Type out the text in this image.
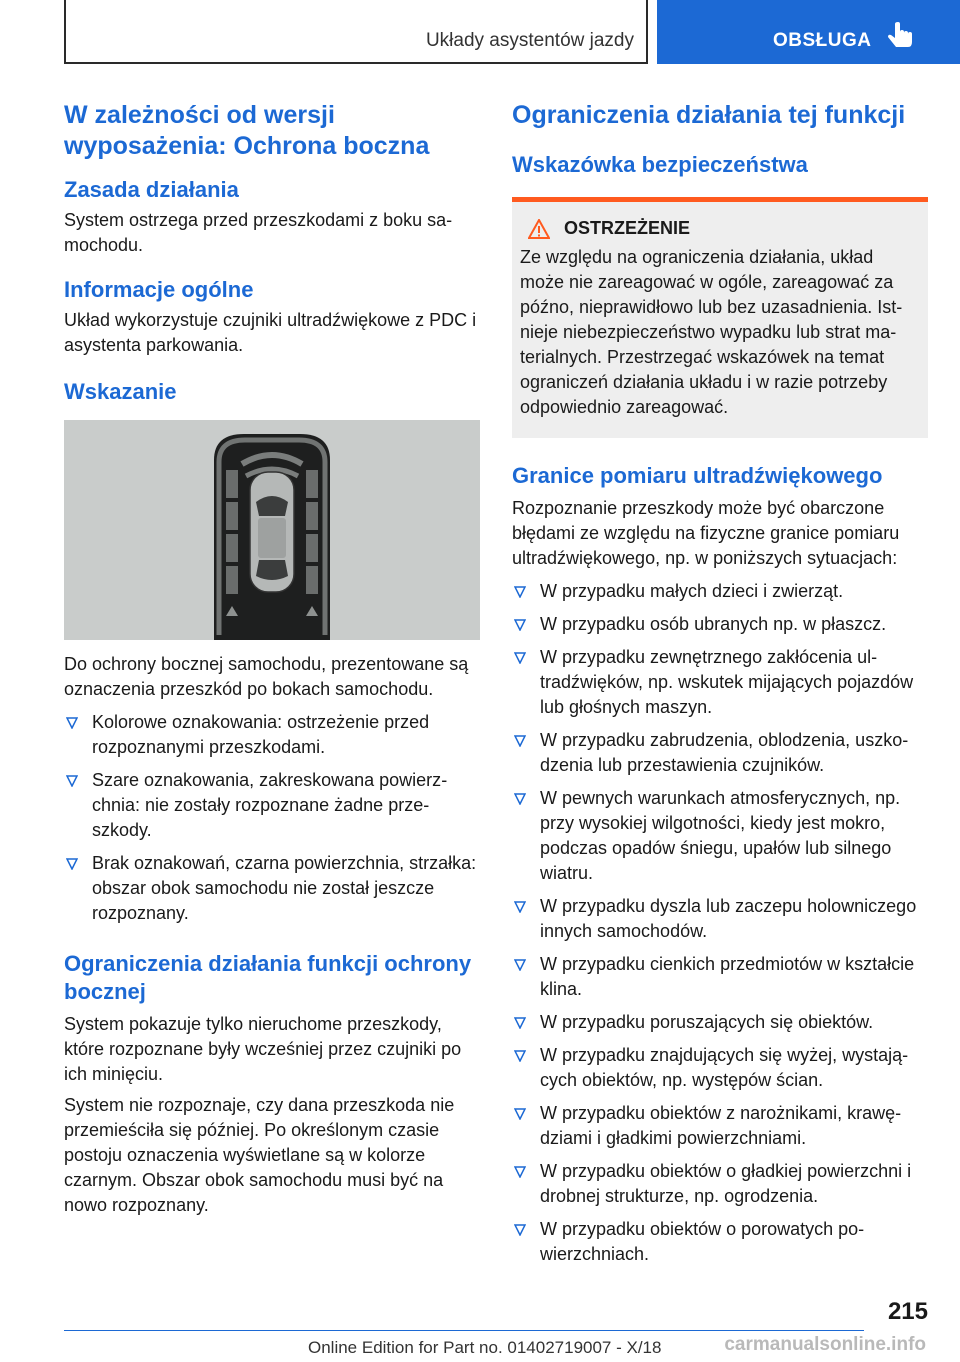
Układy asystentów jazdy	OBSŁUGA
W zależności od wersji wyposażenia: Ochrona boczna
Zasada działania

System ostrzega przed przeszkodami z boku samochodu.

Informacje ogólne

Układ wykorzystuje czujniki ultradźwiękowe z PDC i asystenta parkowania.

Wskazanie

Do ochrony bocznej samochodu, prezentowane są oznaczenia przeszkód po bokach samochodu.

Kolorowe oznakowania: ostrzeżenie przed rozpoznanymi przeszkodami.
Szare oznakowania, zakreskowana powierzchnia: nie zostały rozpoznane żadne przeszkody.
Brak oznakowań, czarna powierzchnia, strzałka: obszar obok samochodu nie został jeszcze rozpoznany.
Ograniczenia działania funkcji ochrony bocznej

System pokazuje tylko nieruchome przeszkody, które rozpoznane były wcześniej przez czujniki po ich minięciu.

System nie rozpoznaje, czy dana przeszkoda nie przemieściła się później. Po określonym czasie postoju oznaczenia wyświetlane są w kolorze czarnym. Obszar obok samochodu musi być na nowo rozpoznany.

Ograniczenia działania tej funkcji
Wskazówka bezpieczeństwa
OSTRZEŻENIE
Ze względu na ograniczenia działania, układ może nie zareagować w ogóle, zareagować za późno, nieprawidłowo lub bez uzasadnienia. Istnieje niebezpieczeństwo wypadku lub strat materialnych. Przestrzegać wskazówek na temat ograniczeń działania układu i w razie potrzeby odpowiednio zareagować.
Granice pomiaru ultradźwiękowego

Rozpoznanie przeszkody może być obarczone błędami ze względu na fizyczne granice pomiaru ultradźwiękowego, np. w poniższych sytuacjach:

W przypadku małych dzieci i zwierząt.
W przypadku osób ubranych np. w płaszcz.
W przypadku zewnętrznego zakłócenia ultradźwięków, np. wskutek mijających pojazdów lub głośnych maszyn.
W przypadku zabrudzenia, oblodzenia, uszkodzenia lub przestawienia czujników.
W pewnych warunkach atmosferycznych, np. przy wysokiej wilgotności, kiedy jest mokro, podczas opadów śniegu, upałów lub silnego wiatru.
W przypadku dyszla lub zaczepu holowniczego innych samochodów.
W przypadku cienkich przedmiotów w kształcie klina.
W przypadku poruszających się obiektów.
W przypadku znajdujących się wyżej, wystających obiektów, np. występów ścian.
W przypadku obiektów z narożnikami, krawędziami i gładkimi powierzchniami.
W przypadku obiektów o gładkiej powierzchni i drobnej strukturze, np. ogrodzenia.
W przypadku obiektów o porowatych powierzchniach.
215
Online Edition for Part no. 01402719007 - X/18	carmanualsonline.info
